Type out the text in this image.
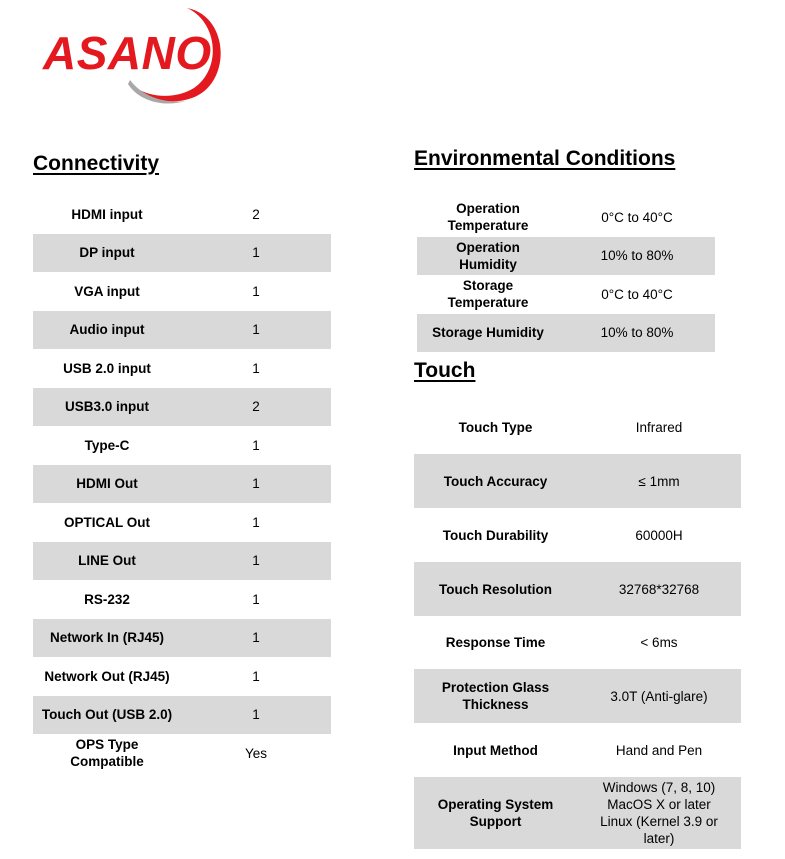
ASANO
Connectivity
HDMI input	2
DP input	1
VGA input	1
Audio input	1
USB 2.0 input	1
USB3.0 input	2
Type-C	1
HDMI Out	1
OPTICAL Out	1
LINE Out	1
RS-232	1
Network In (RJ45)	1
Network Out (RJ45)	1
Touch Out (USB 2.0)	1

OPS Type
Compatible	Yes
Environmental Conditions
Operation
Temperature	0°C to 40°C

Operation
Humidity	10% to 80%

Storage
Temperature	0°C to 40°C
Storage Humidity	10% to 80%
Touch
Touch Type	Infrared
Touch Accuracy	≤ 1mm
Touch Durability	60000H
Touch Resolution	32768*32768
Response Time	< 6ms

Protection Glass
Thickness	3.0T (Anti-glare)
Input Method	Hand and Pen

Operating System
Support	Windows (7, 8, 10)
MacOS X or later
Linux (Kernel 3.9 or
later)
